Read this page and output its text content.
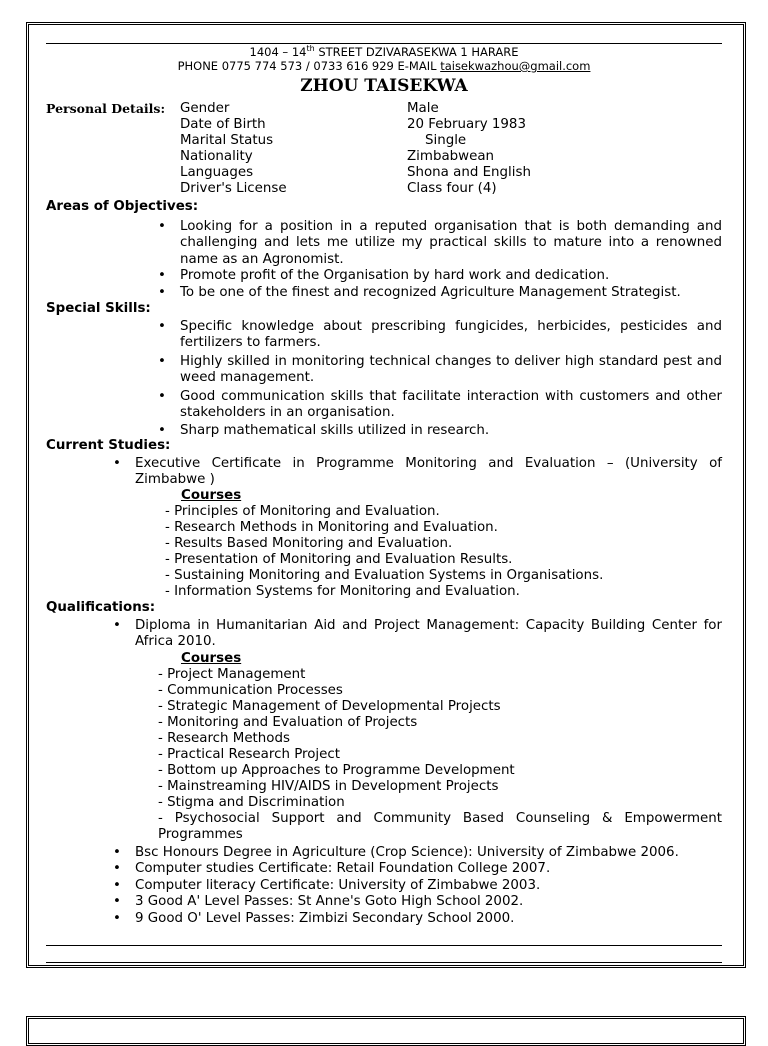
1404 – 14th STREET DZIVARASEKWA 1 HARARE
PHONE 0775 774 573 / 0733 616 929 E-MAIL taisekwazhou@gmail.com
ZHOU TAISEKWA
Personal Details: Gender	Male
Date of Birth	20 February 1983
Marital Status	Single
Nationality	Zimbabwean
Languages	Shona and English
Driver's License	Class four (4)
Areas of Objectives:
• Looking for a position in a reputed organisation that is both demanding and challenging and lets me utilize my practical skills to mature into a renowned name as an Agronomist.
• Promote profit of the Organisation by hard work and dedication.
• To be one of the finest and recognized Agriculture Management Strategist.
Special Skills:
• Specific knowledge about prescribing fungicides, herbicides, pesticides and fertilizers to farmers.
• Highly skilled in monitoring technical changes to deliver high standard pest and weed management.
• Good communication skills that facilitate interaction with customers and other stakeholders in an organisation.
• Sharp mathematical skills utilized in research.
Current Studies:
• Executive Certificate in Programme Monitoring and Evaluation – (University of Zimbabwe )
Courses
- Principles of Monitoring and Evaluation.
- Research Methods in Monitoring and Evaluation.
- Results Based Monitoring and Evaluation.
- Presentation of Monitoring and Evaluation Results.
- Sustaining Monitoring and Evaluation Systems in Organisations.
- Information Systems for Monitoring and Evaluation.
Qualifications:
• Diploma in Humanitarian Aid and Project Management: Capacity Building Center for Africa 2010.
Courses
- Project Management
- Communication Processes
- Strategic Management of Developmental Projects
- Monitoring and Evaluation of Projects
- Research Methods
- Practical Research Project
- Bottom up Approaches to Programme Development
- Mainstreaming HIV/AIDS in Development Projects
- Stigma and Discrimination
- Psychosocial Support and Community Based Counseling & Empowerment Programmes
• Bsc Honours Degree in Agriculture (Crop Science): University of Zimbabwe 2006.
• Computer studies Certificate: Retail Foundation College 2007.
• Computer literacy Certificate: University of Zimbabwe 2003.
• 3 Good A' Level Passes: St Anne's Goto High School 2002.
• 9 Good O' Level Passes: Zimbizi Secondary School 2000.
